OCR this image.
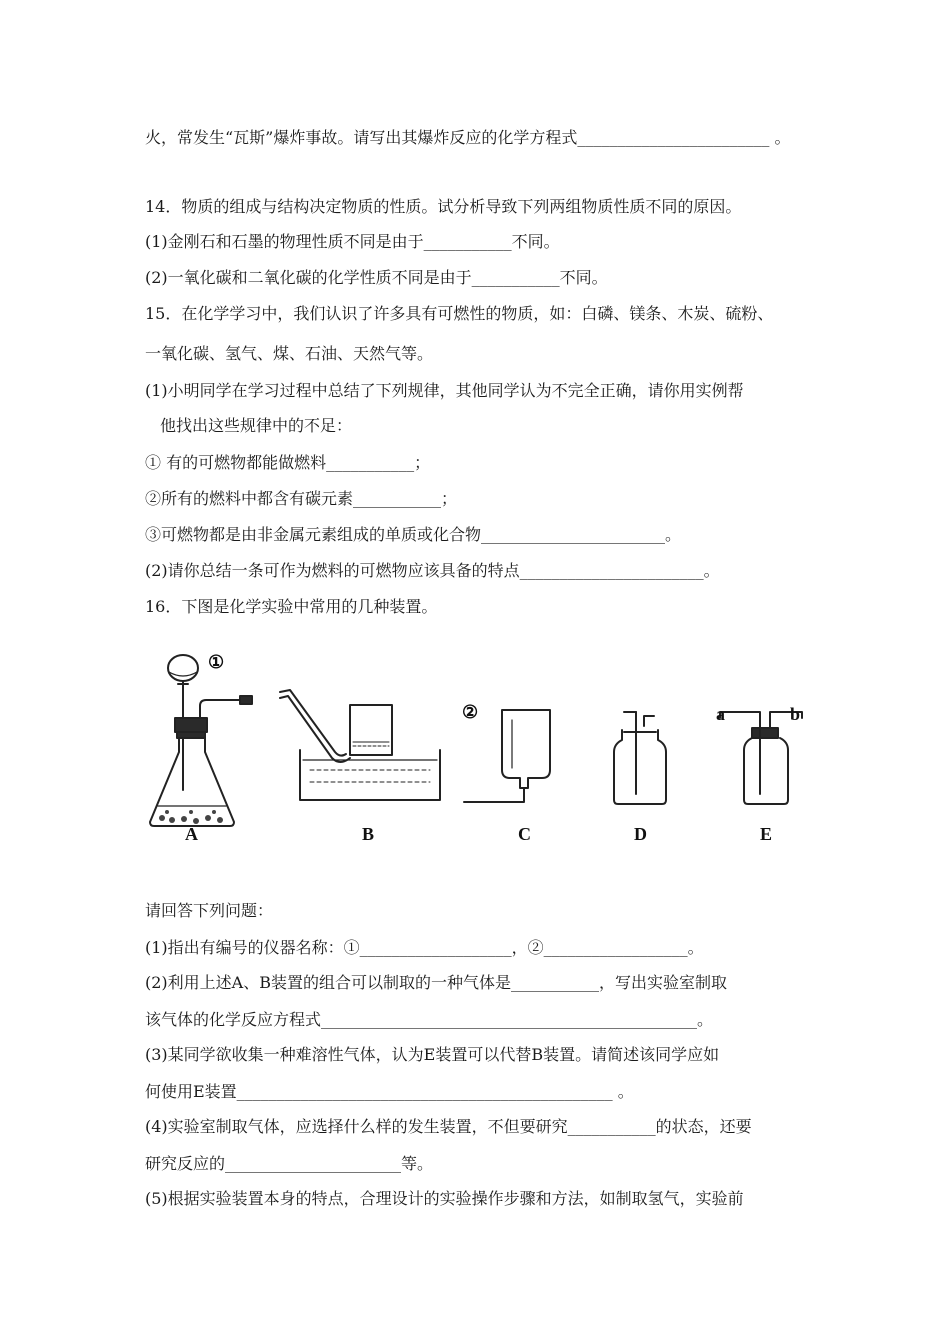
火，常发生“瓦斯”爆炸事故。请写出其爆炸反应的化学方程式________________________ 。
14．物质的组成与结构决定物质的性质。试分析导致下列两组物质性质不同的原因。
(1)金刚石和石墨的物理性质不同是由于___________不同。
(2)一氧化碳和二氧化碳的化学性质不同是由于___________不同。
15．在化学学习中，我们认识了许多具有可燃性的物质，如：白磷、镁条、木炭、硫粉、
一氧化碳、氢气、煤、石油、天然气等。
(1)小明同学在学习过程中总结了下列规律，其他同学认为不完全正确，请你用实例帮
他找出这些规律中的不足：
① 有的可燃物都能做燃料___________；
②所有的燃料中都含有碳元素___________；
③可燃物都是由非金属元素组成的单质或化合物_______________________。
(2)请你总结一条可作为燃料的可燃物应该具备的特点_______________________。
16．下图是化学实验中常用的几种装置。
请回答下列问题：
(1)指出有编号的仪器名称：①___________________，②__________________。
(2)利用上述A、B装置的组合可以制取的一种气体是___________，写出实验室制取
该气体的化学反应方程式_______________________________________________。
(3)某同学欲收集一种难溶性气体，认为E装置可以代替B装置。请简述该同学应如
何使用E装置_______________________________________________ 。
(4)实验室制取气体，应选择什么样的发生装置，不但要研究___________的状态，还要
研究反应的______________________等。
(5)根据实验装置本身的特点，合理设计的实验操作步骤和方法，如制取氢气，实验前
①
A	B
②
C	D
a	b
E
